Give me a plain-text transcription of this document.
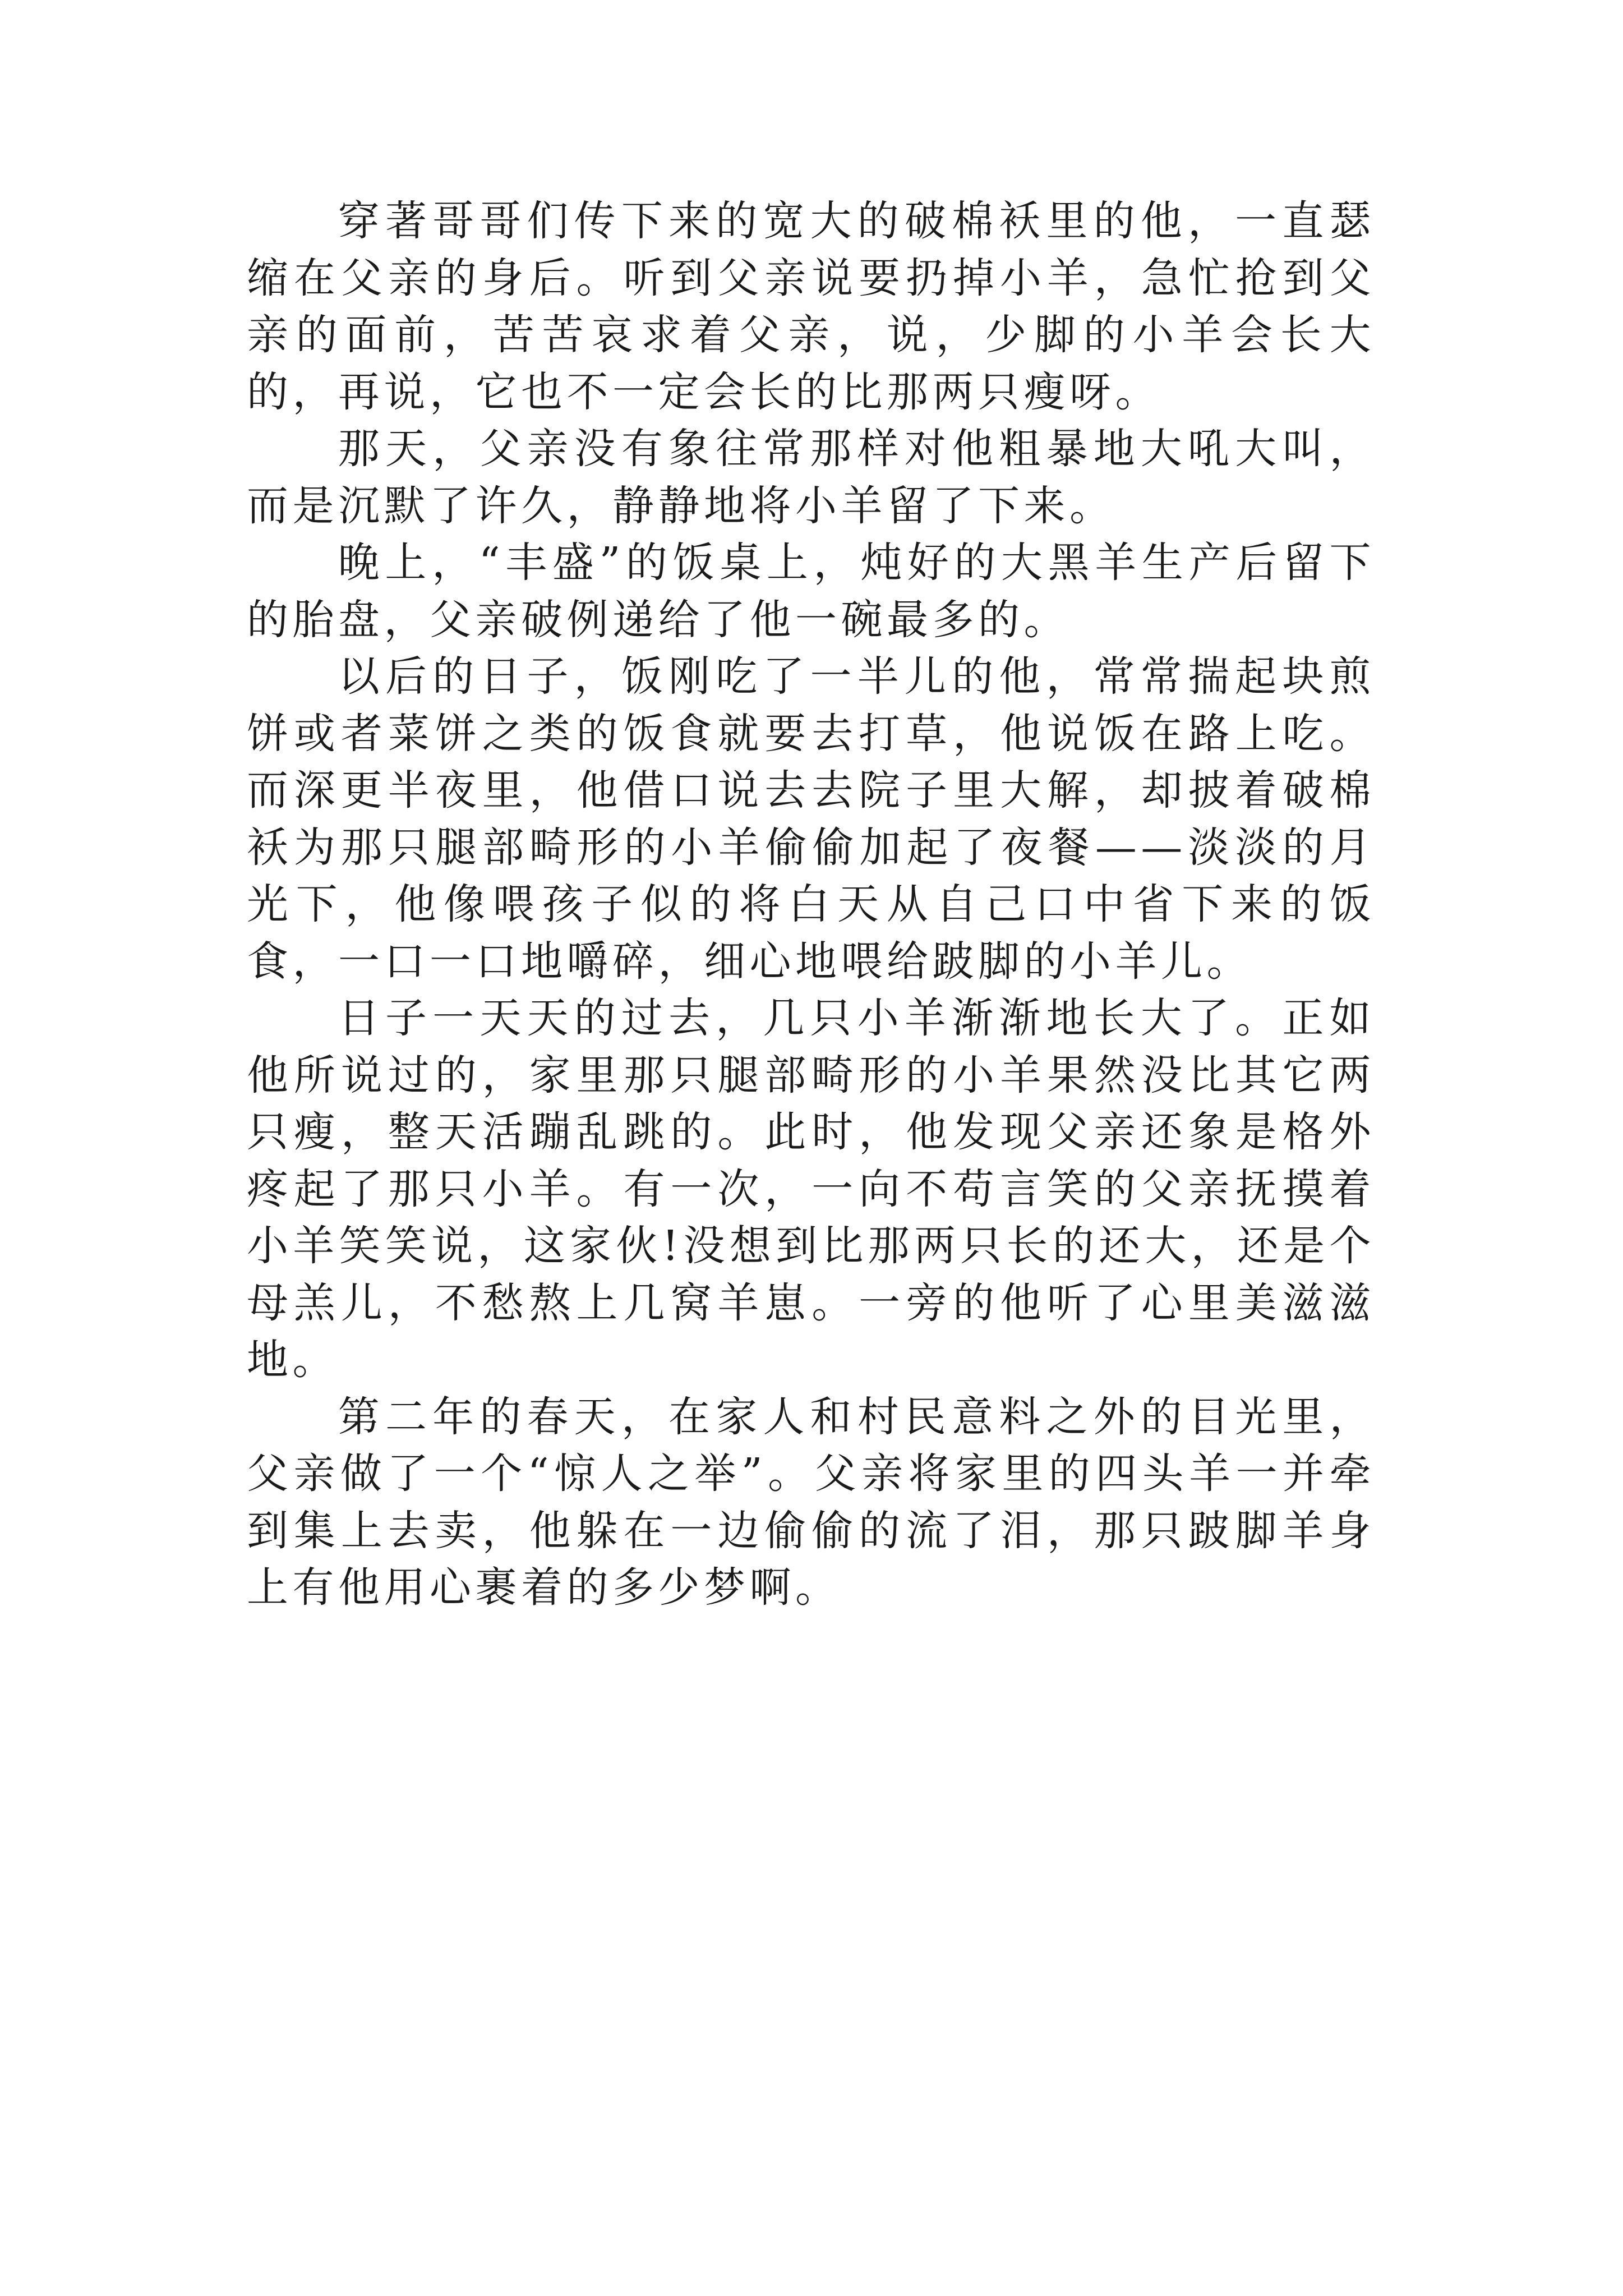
穿著哥哥们传下来的宽大的破棉袄里的他，一直瑟缩在父亲的身后。听到父亲说要扔掉小羊，急忙抢到父亲的面前，苦苦哀求着父亲，说，少脚的小羊会长大的，再说，它也不一定会长的比那两只瘦呀。

那天，父亲没有象往常那样对他粗暴地大吼大叫，而是沉默了许久，静静地将小羊留了下来。

晚上，“丰盛”的饭桌上，炖好的大黑羊生产后留下的胎盘，父亲破例递给了他一碗最多的。

以后的日子，饭刚吃了一半儿的他，常常揣起块煎饼或者菜饼之类的饭食就要去打草，他说饭在路上吃。而深更半夜里，他借口说去去院子里大解，却披着破棉袄为那只腿部畸形的小羊偷偷加起了夜餐——淡淡的月光下，他像喂孩子似的将白天从自己口中省下来的饭食，一口一口地嚼碎，细心地喂给跛脚的小羊儿。

日子一天天的过去，几只小羊渐渐地长大了。正如他所说过的，家里那只腿部畸形的小羊果然没比其它两只瘦，整天活蹦乱跳的。此时，他发现父亲还象是格外疼起了那只小羊。有一次，一向不苟言笑的父亲抚摸着小羊笑笑说，这家伙!没想到比那两只长的还大，还是个母羔儿，不愁熬上几窝羊崽。一旁的他听了心里美滋滋地。

第二年的春天，在家人和村民意料之外的目光里，父亲做了一个“惊人之举”。父亲将家里的四头羊一并牵到集上去卖，他躲在一边偷偷的流了泪，那只跛脚羊身上有他用心裹着的多少梦啊。
